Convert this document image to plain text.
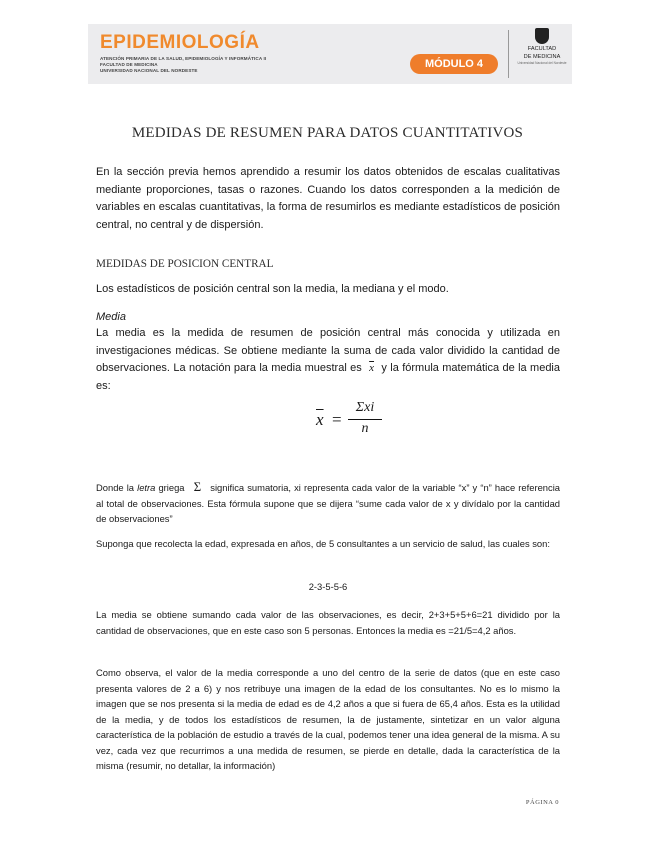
EPIDEMIOLOGÍA
ATENCIÓN PRIMARIA DE LA SALUD, EPIDEMIOLOGÍA Y INFORMÁTICA II
FACULTAD DE MEDICINA
UNIVERSIDAD NACIONAL DEL NORDESTE
MÓDULO 4
FACULTAD
DE MEDICINA
Universidad Nacional del Nordeste
MEDIDAS DE RESUMEN PARA DATOS CUANTITATIVOS
En la sección previa hemos aprendido a resumir los datos obtenidos de escalas cualitativas mediante proporciones, tasas o razones. Cuando los datos corresponden a la medición de variables en escalas cuantitativas, la forma de resumirlos es mediante estadísticos de posición central, no central y de dispersión.
MEDIDAS DE POSICION CENTRAL
Los estadísticos de posición central son la media, la mediana y el modo.
Media
La media es la medida de resumen de posición central más conocida y utilizada en investigaciones médicas. Se obtiene mediante la suma de cada valor dividido la cantidad de observaciones. La notación para la media muestral es $\overline{x}$ y la fórmula matemática de la media es:
$\overline{x}$ =
Σxi
n
Donde la letra griega Σ significa sumatoria, xi representa cada valor de la variable “x” y “n” hace referencia al total de observaciones. Esta fórmula supone que se dijera “sume cada valor de x y divídalo por la cantidad de observaciones”
Suponga que recolecta la edad, expresada en años, de 5 consultantes a un servicio de salud, las cuales son:
2-3-5-5-6
La media se obtiene sumando cada valor de las observaciones, es decir, 2+3+5+5+6=21 dividido por la cantidad de observaciones, que en este caso son 5 personas. Entonces la media es =21/5=4,2 años.
Como observa, el valor de la media corresponde a uno del centro de la serie de datos (que en este caso presenta valores de 2 a 6) y nos retribuye una imagen de la edad de los consultantes. No es lo mismo la imagen que se nos presenta si la media de edad es de 4,2 años a que si fuera de 65,4 años. Esta es la utilidad de la media, y de todos los estadísticos de resumen, la de justamente, sintetizar en un valor alguna característica de la población de estudio a través de la cual, podemos tener una idea general de la misma. A su vez, cada vez que recurrimos a una medida de resumen, se pierde en detalle, dada la característica de la misma (resumir, no detallar, la información)
PÁGINA 0
